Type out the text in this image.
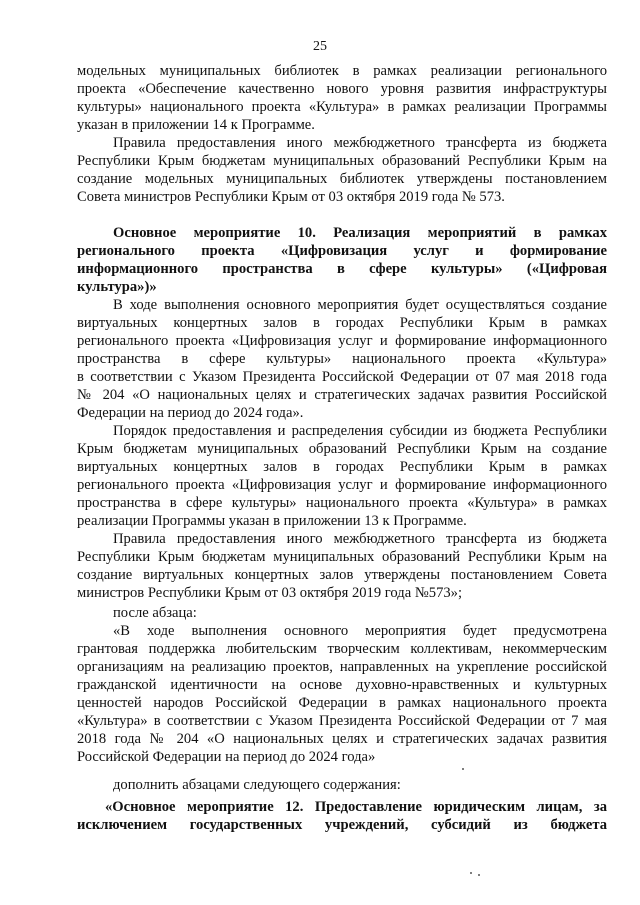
25

модельных муниципальных библиотек в рамках реализации регионального

проекта «Обеспечение качественно нового уровня развития инфраструктуры

культуры» национального проекта «Культура» в рамках реализации Программы

указан в приложении 14 к Программе.

Правила предоставления иного межбюджетного трансферта из бюджета

Республики Крым бюджетам муниципальных образований Республики Крым на

создание модельных муниципальных библиотек утверждены постановлением

Совета министров Республики Крым от 03 октября 2019 года № 573.

Основное мероприятие 10. Реализация мероприятий в рамках

регионального проекта «Цифровизация услуг и формирование

информационного пространства в сфере культуры» («Цифровая

культура»)»

В ходе выполнения основного мероприятия будет осуществляться создание

виртуальных концертных залов в городах Республики Крым в рамках

регионального проекта «Цифровизация услуг и формирование информационного

пространства в сфере культуры» национального проекта «Культура»

в соответствии с Указом Президента Российской Федерации от 07 мая 2018 года

№ 204 «О национальных целях и стратегических задачах развития Российской

Федерации на период до 2024 года».

Порядок предоставления и распределения субсидии из бюджета Республики

Крым бюджетам муниципальных образований Республики Крым на создание

виртуальных концертных залов в городах Республики Крым в рамках

регионального проекта «Цифровизация услуг и формирование информационного

пространства в сфере культуры» национального проекта «Культура» в рамках

реализации Программы указан в приложении 13 к Программе.

Правила предоставления иного межбюджетного трансферта из бюджета

Республики Крым бюджетам муниципальных образований Республики Крым на

создание виртуальных концертных залов утверждены постановлением Совета

министров Республики Крым от 03 октября 2019 года №573»;

после абзаца:

«В ходе выполнения основного мероприятия будет предусмотрена

грантовая поддержка любительским творческим коллективам, некоммерческим

организациям на реализацию проектов, направленных на укрепление российской

гражданской идентичности на основе духовно-нравственных и культурных

ценностей народов Российской Федерации в рамках национального проекта

«Культура» в соответствии с Указом Президента Российской Федерации от 7 мая

2018 года № 204 «О национальных целях и стратегических задачах развития

Российской Федерации на период до 2024 года»

дополнить абзацами следующего содержания:

«Основное мероприятие 12. Предоставление юридическим лицам, за

исключением государственных учреждений, субсидий из бюджета
